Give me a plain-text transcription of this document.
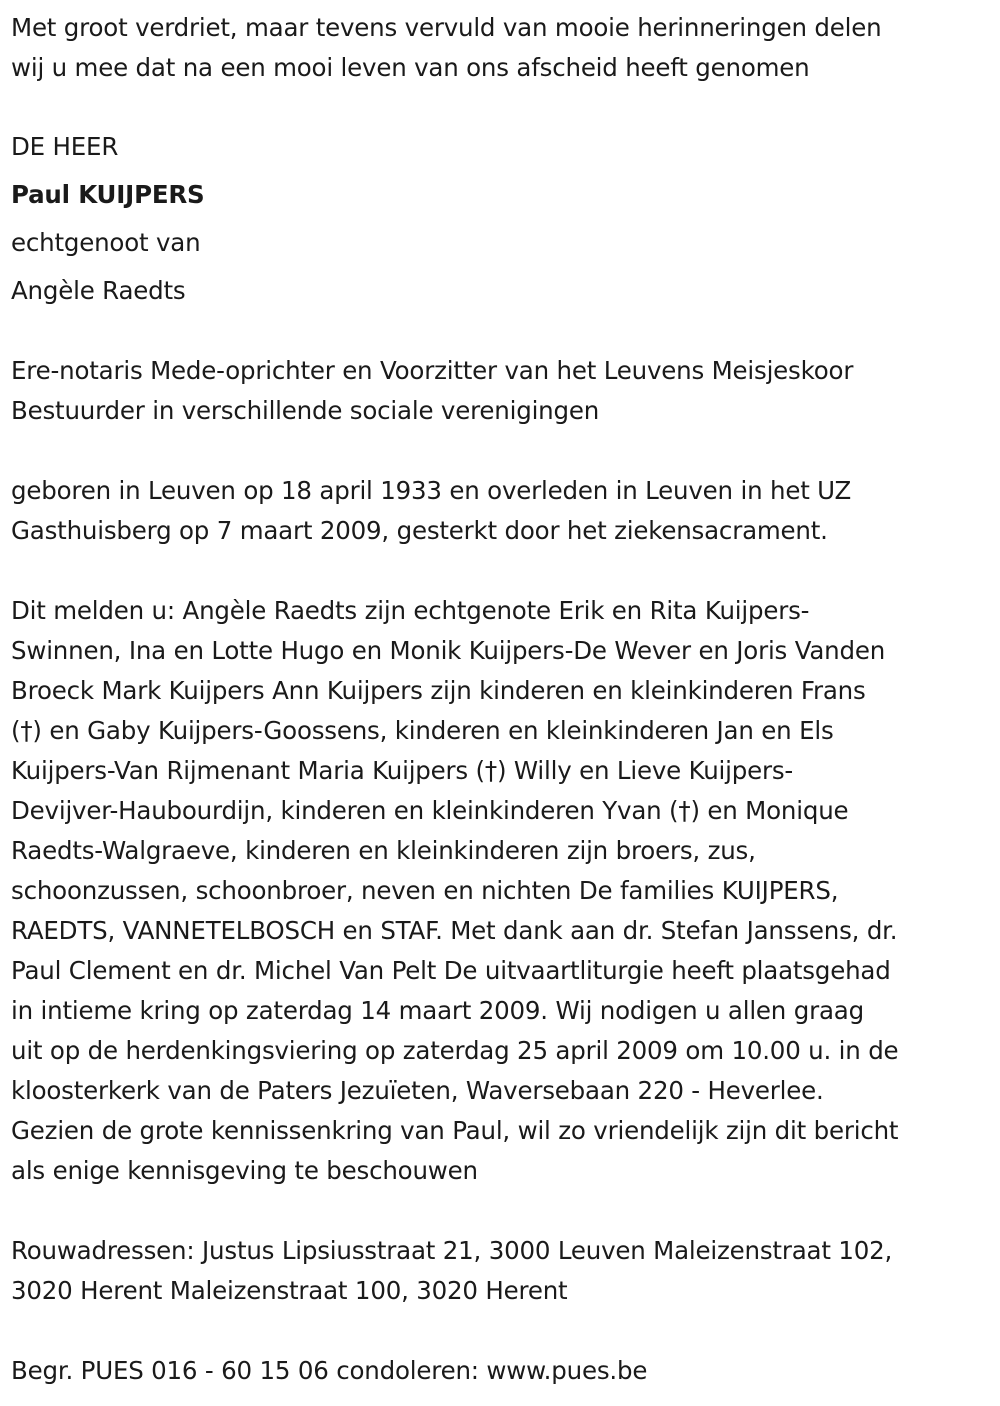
Met groot verdriet, maar tevens vervuld van mooie herinneringen delen
wij u mee dat na een mooi leven van ons afscheid heeft genomen
DE HEER
Paul KUIJPERS
echtgenoot van
Angèle Raedts
Ere-notaris Mede-oprichter en Voorzitter van het Leuvens Meisjeskoor
Bestuurder in verschillende sociale verenigingen
geboren in Leuven op 18 april 1933 en overleden in Leuven in het UZ
Gasthuisberg op 7 maart 2009, gesterkt door het ziekensacrament.
Dit melden u: Angèle Raedts zijn echtgenote Erik en Rita Kuijpers-
Swinnen, Ina en Lotte Hugo en Monik Kuijpers-De Wever en Joris Vanden
Broeck Mark Kuijpers Ann Kuijpers zijn kinderen en kleinkinderen Frans
(†) en Gaby Kuijpers-Goossens, kinderen en kleinkinderen Jan en Els
Kuijpers-Van Rijmenant Maria Kuijpers (†) Willy en Lieve Kuijpers-
Devijver-Haubourdijn, kinderen en kleinkinderen Yvan (†) en Monique
Raedts-Walgraeve, kinderen en kleinkinderen zijn broers, zus,
schoonzussen, schoonbroer, neven en nichten De families KUIJPERS,
RAEDTS, VANNETELBOSCH en STAF. Met dank aan dr. Stefan Janssens, dr.
Paul Clement en dr. Michel Van Pelt De uitvaartliturgie heeft plaatsgehad
in intieme kring op zaterdag 14 maart 2009. Wij nodigen u allen graag
uit op de herdenkingsviering op zaterdag 25 april 2009 om 10.00 u. in de
kloosterkerk van de Paters Jezuïeten, Waversebaan 220 - Heverlee.
Gezien de grote kennissenkring van Paul, wil zo vriendelijk zijn dit bericht
als enige kennisgeving te beschouwen
Rouwadressen: Justus Lipsiusstraat 21, 3000 Leuven Maleizenstraat 102,
3020 Herent Maleizenstraat 100, 3020 Herent
Begr. PUES 016 - 60 15 06 condoleren: www.pues.be
